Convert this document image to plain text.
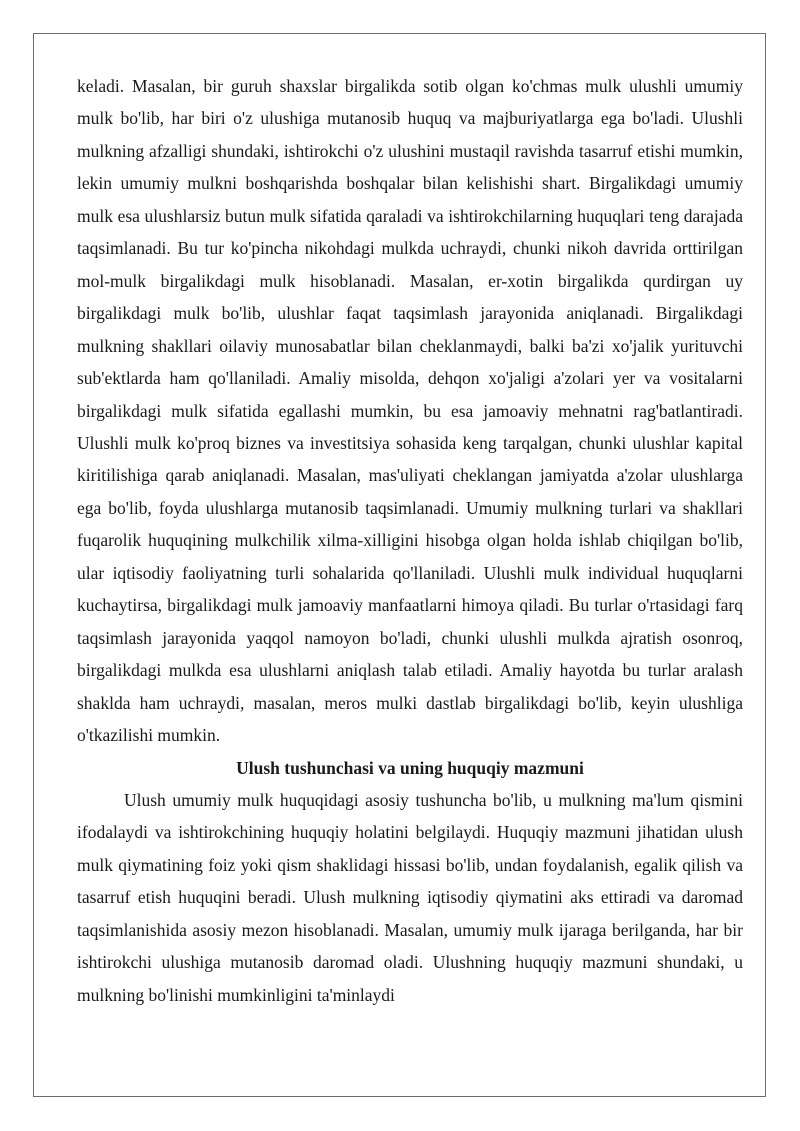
keladi. Masalan, bir guruh shaxslar birgalikda sotib olgan ko'chmas mulk ulushli umumiy mulk bo'lib, har biri o'z ulushiga mutanosib huquq va majburiyatlarga ega bo'ladi. Ulushli mulkning afzalligi shundaki, ishtirokchi o'z ulushini mustaqil ravishda tasarruf etishi mumkin, lekin umumiy mulkni boshqarishda boshqalar bilan kelishishi shart. Birgalikdagi umumiy mulk esa ulushlarsiz butun mulk sifatida qaraladi va ishtirokchilarning huquqlari teng darajada taqsimlanadi. Bu tur ko'pincha nikohdagi mulkda uchraydi, chunki nikoh davrida orttirilgan mol-mulk birgalikdagi mulk hisoblanadi. Masalan, er-xotin birgalikda qurdirgan uy birgalikdagi mulk bo'lib, ulushlar faqat taqsimlash jarayonida aniqlanadi. Birgalikdagi mulkning shakllari oilaviy munosabatlar bilan cheklanmaydi, balki ba'zi xo'jalik yurituvchi sub'ektlarda ham qo'llaniladi. Amaliy misolda, dehqon xo'jaligi a'zolari yer va vositalarni birgalikdagi mulk sifatida egallashi mumkin, bu esa jamoaviy mehnatni rag'batlantiradi. Ulushli mulk ko'proq biznes va investitsiya sohasida keng tarqalgan, chunki ulushlar kapital kiritilishiga qarab aniqlanadi. Masalan, mas'uliyati cheklangan jamiyatda a'zolar ulushlarga ega bo'lib, foyda ulushlarga mutanosib taqsimlanadi. Umumiy mulkning turlari va shakllari fuqarolik huquqining mulkchilik xilma-xilligini hisobga olgan holda ishlab chiqilgan bo'lib, ular iqtisodiy faoliyatning turli sohalarida qo'llaniladi. Ulushli mulk individual huquqlarni kuchaytirsa, birgalikdagi mulk jamoaviy manfaatlarni himoya qiladi. Bu turlar o'rtasidagi farq taqsimlash jarayonida yaqqol namoyon bo'ladi, chunki ulushli mulkda ajratish osonroq, birgalikdagi mulkda esa ulushlarni aniqlash talab etiladi. Amaliy hayotda bu turlar aralash shaklda ham uchraydi, masalan, meros mulki dastlab birgalikdagi bo'lib, keyin ulushliga o'tkazilishi mumkin.

Ulush tushunchasi va uning huquqiy mazmuni

Ulush umumiy mulk huquqidagi asosiy tushuncha bo'lib, u mulkning ma'lum qismini ifodalaydi va ishtirokchining huquqiy holatini belgilaydi. Huquqiy mazmuni jihatidan ulush mulk qiymatining foiz yoki qism shaklidagi hissasi bo'lib, undan foydalanish, egalik qilish va tasarruf etish huquqini beradi. Ulush mulkning iqtisodiy qiymatini aks ettiradi va daromad taqsimlanishida asosiy mezon hisoblanadi. Masalan, umumiy mulk ijaraga berilganda, har bir ishtirokchi ulushiga mutanosib daromad oladi. Ulushning huquqiy mazmuni shundaki, u mulkning bo'linishi mumkinligini ta'minlaydi
